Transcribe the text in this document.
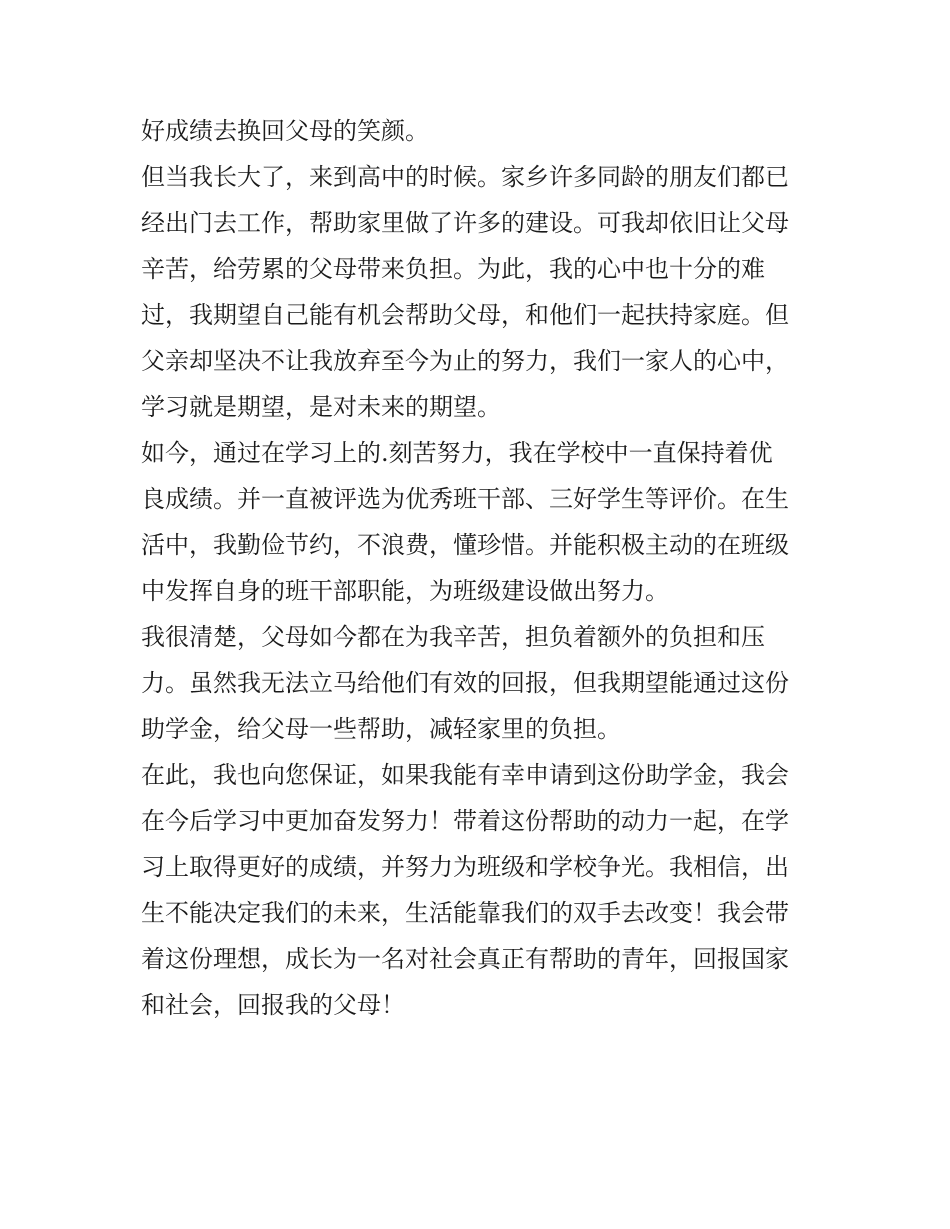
好成绩去换回父母的笑颜。
但当我长大了，来到高中的时候。家乡许多同龄的朋友们都已
经出门去工作，帮助家里做了许多的建设。可我却依旧让父母
辛苦，给劳累的父母带来负担。为此，我的心中也十分的难
过，我期望自己能有机会帮助父母，和他们一起扶持家庭。但
父亲却坚决不让我放弃至今为止的努力，我们一家人的心中，
学习就是期望，是对未来的期望。
如今，通过在学习上的.刻苦努力，我在学校中一直保持着优
良成绩。并一直被评选为优秀班干部、三好学生等评价。在生
活中，我勤俭节约，不浪费，懂珍惜。并能积极主动的在班级
中发挥自身的班干部职能，为班级建设做出努力。
我很清楚，父母如今都在为我辛苦，担负着额外的负担和压
力。虽然我无法立马给他们有效的回报，但我期望能通过这份
助学金，给父母一些帮助，减轻家里的负担。
在此，我也向您保证，如果我能有幸申请到这份助学金，我会
在今后学习中更加奋发努力！带着这份帮助的动力一起，在学
习上取得更好的成绩，并努力为班级和学校争光。我相信，出
生不能决定我们的未来，生活能靠我们的双手去改变！我会带
着这份理想，成长为一名对社会真正有帮助的青年，回报国家
和社会，回报我的父母！
